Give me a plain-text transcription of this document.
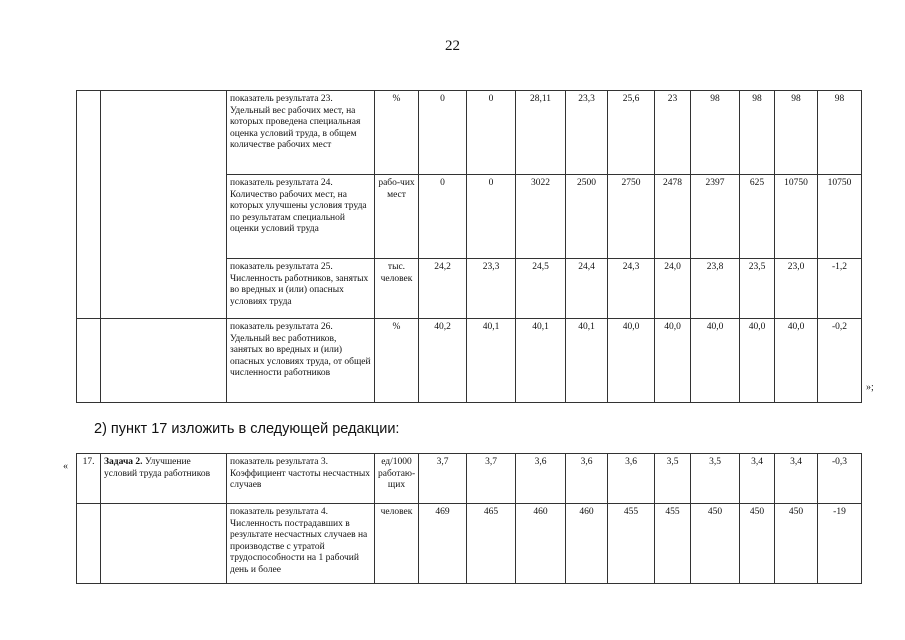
22
		показатель результата 23. Удельный вес рабочих мест, на которых проведена специальная оценка условий труда, в общем количестве рабочих мест	%	0	0	28,11	23,3	25,6	23	98	98	98	98
		показатель результата 24. Количество рабочих мест, на которых улучшены условия труда по результатам специальной оценки условий труда	рабо-чих мест	0	0	3022	2500	2750	2478	2397	625	10750	10750
		показатель результата 25. Численность работников, занятых во вредных и (или) опасных условиях труда	тыс. человек	24,2	23,3	24,5	24,4	24,3	24,0	23,8	23,5	23,0	-1,2
		показатель результата 26. Удельный вес работников, занятых во вредных и (или) опасных условиях труда, от общей численности работников	%	40,2	40,1	40,1	40,1	40,0	40,0	40,0	40,0	40,0	-0,2
»;
2) пункт 17 изложить в следующей редакции:
« 17.	Задача 2. Улучшение условий труда работников	показатель результата 3. Коэффициент частоты несчастных случаев	ед/1000 работаю-щих	3,7	3,7	3,6	3,6	3,6	3,5	3,5	3,4	3,4	-0,3
		показатель результата 4. Численность пострадавших в результате несчастных случаев на производстве с утратой трудоспособности на 1 рабочий день и более	человек	469	465	460	460	455	455	450	450	450	-19
